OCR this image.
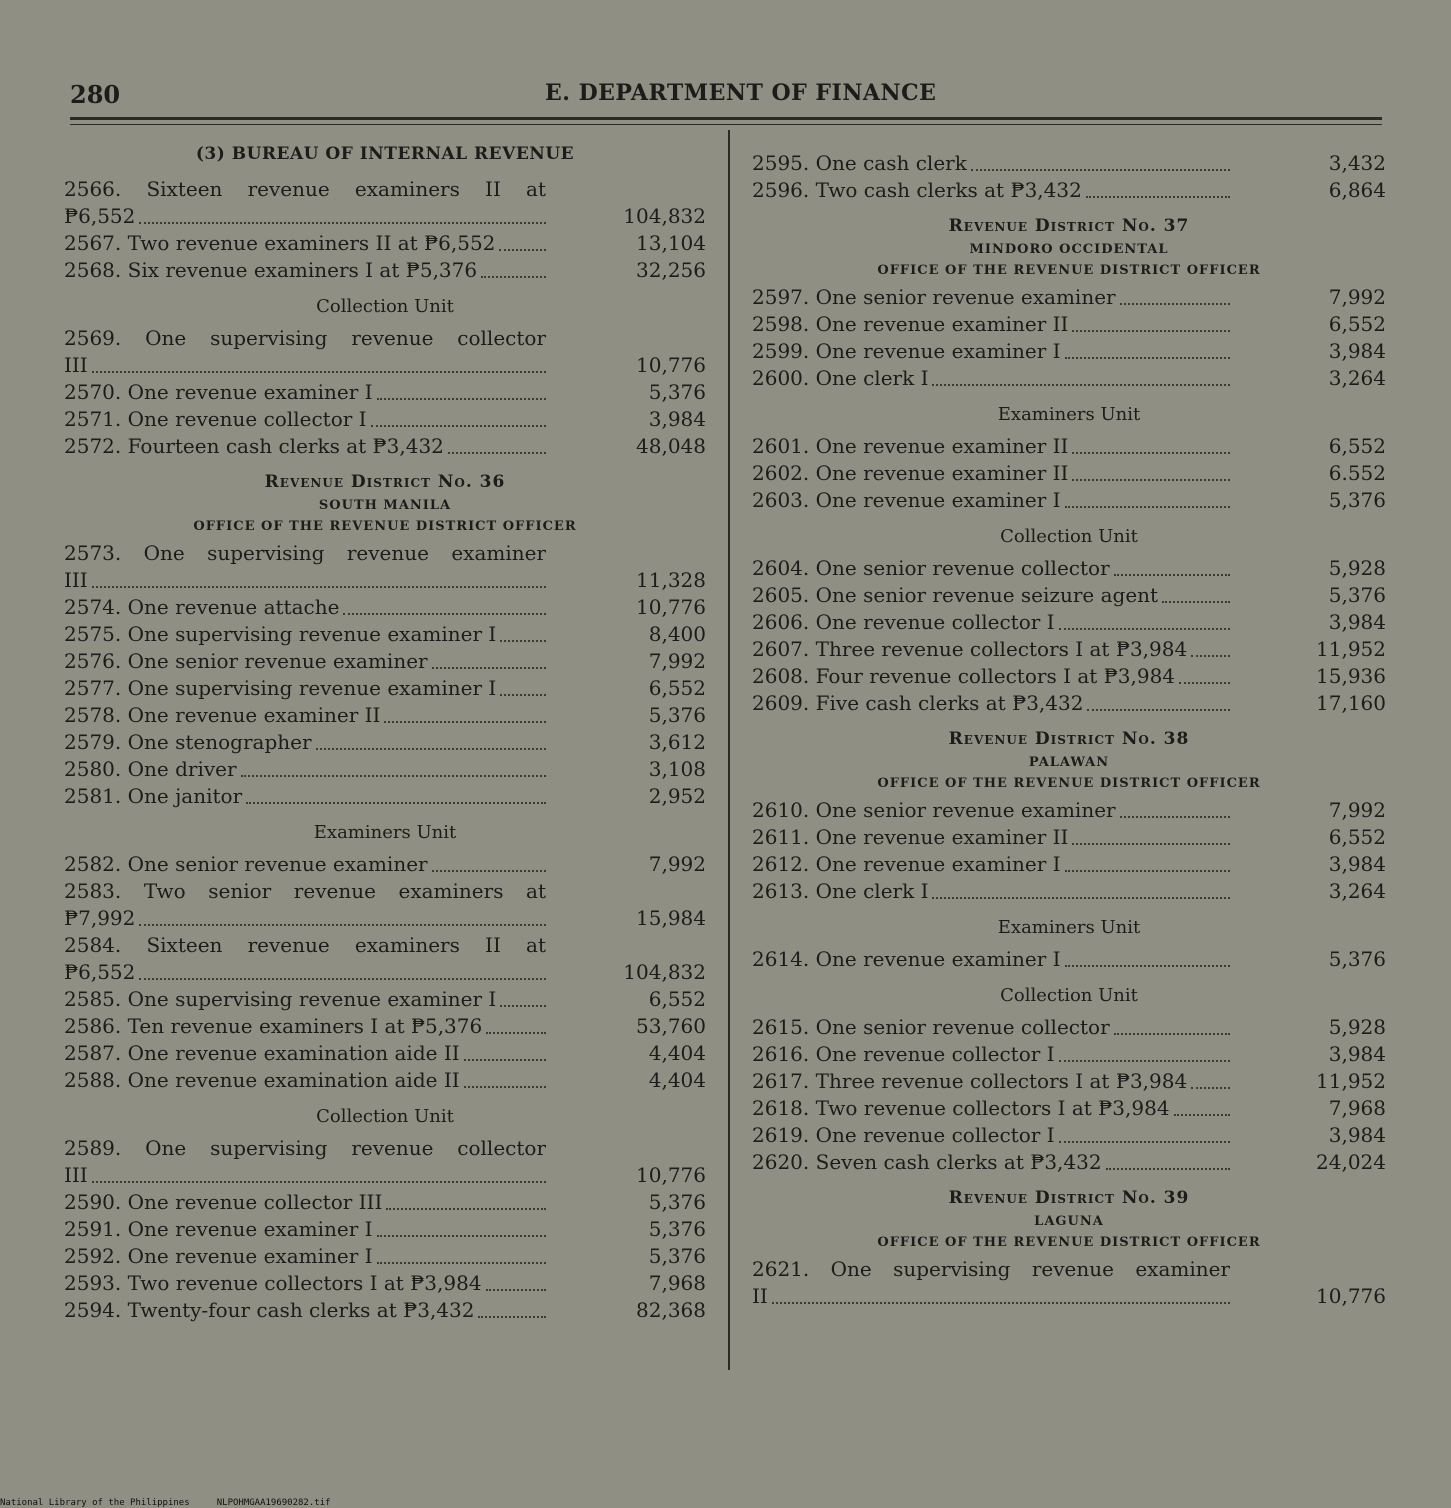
280	E. DEPARTMENT OF FINANCE
(3) BUREAU OF INTERNAL REVENUE
2566. Sixteen revenue examiners II at
₱6,552	104,832
2567. Two revenue examiners II at ₱6,552	13,104
2568. Six revenue examiners I at ₱5,376	32,256
Collection Unit
2569. One supervising revenue collector
III	10,776
2570. One revenue examiner I	5,376
2571. One revenue collector I	3,984
2572. Fourteen cash clerks at ₱3,432	48,048
Revenue District No. 36
SOUTH MANILA
OFFICE OF THE REVENUE DISTRICT OFFICER
2573. One supervising revenue examiner
III	11,328
2574. One revenue attache	10,776
2575. One supervising revenue examiner I	8,400
2576. One senior revenue examiner	7,992
2577. One supervising revenue examiner I	6,552
2578. One revenue examiner II	5,376
2579. One stenographer	3,612
2580. One driver	3,108
2581. One janitor	2,952
Examiners Unit
2582. One senior revenue examiner	7,992
2583. Two senior revenue examiners at
₱7,992	15,984
2584. Sixteen revenue examiners II at
₱6,552	104,832
2585. One supervising revenue examiner I	6,552
2586. Ten revenue examiners I at ₱5,376	53,760
2587. One revenue examination aide II	4,404
2588. One revenue examination aide II	4,404
Collection Unit
2589. One supervising revenue collector
III	10,776
2590. One revenue collector III	5,376
2591. One revenue examiner I	5,376
2592. One revenue examiner I	5,376
2593. Two revenue collectors I at ₱3,984	7,968
2594. Twenty-four cash clerks at ₱3,432	82,368
2595. One cash clerk	3,432
2596. Two cash clerks at ₱3,432	6,864
Revenue District No. 37
MINDORO OCCIDENTAL
OFFICE OF THE REVENUE DISTRICT OFFICER
2597. One senior revenue examiner	7,992
2598. One revenue examiner II	6,552
2599. One revenue examiner I	3,984
2600. One clerk I	3,264
Examiners Unit
2601. One revenue examiner II	6,552
2602. One revenue examiner II	6.552
2603. One revenue examiner I	5,376
Collection Unit
2604. One senior revenue collector	5,928
2605. One senior revenue seizure agent	5,376
2606. One revenue collector I	3,984
2607. Three revenue collectors I at ₱3,984	11,952
2608. Four revenue collectors I at ₱3,984	15,936
2609. Five cash clerks at ₱3,432	17,160
Revenue District No. 38
PALAWAN
OFFICE OF THE REVENUE DISTRICT OFFICER
2610. One senior revenue examiner	7,992
2611. One revenue examiner II	6,552
2612. One revenue examiner I	3,984
2613. One clerk I	3,264
Examiners Unit
2614. One revenue examiner I	5,376
Collection Unit
2615. One senior revenue collector	5,928
2616. One revenue collector I	3,984
2617. Three revenue collectors I at ₱3,984	11,952
2618. Two revenue collectors I at ₱3,984	7,968
2619. One revenue collector I	3,984
2620. Seven cash clerks at ₱3,432	24,024
Revenue District No. 39
LAGUNA
OFFICE OF THE REVENUE DISTRICT OFFICER
2621. One supervising revenue examiner
II	10,776
National Library of the Philippines     NLPOHMGAA19690282.tif
